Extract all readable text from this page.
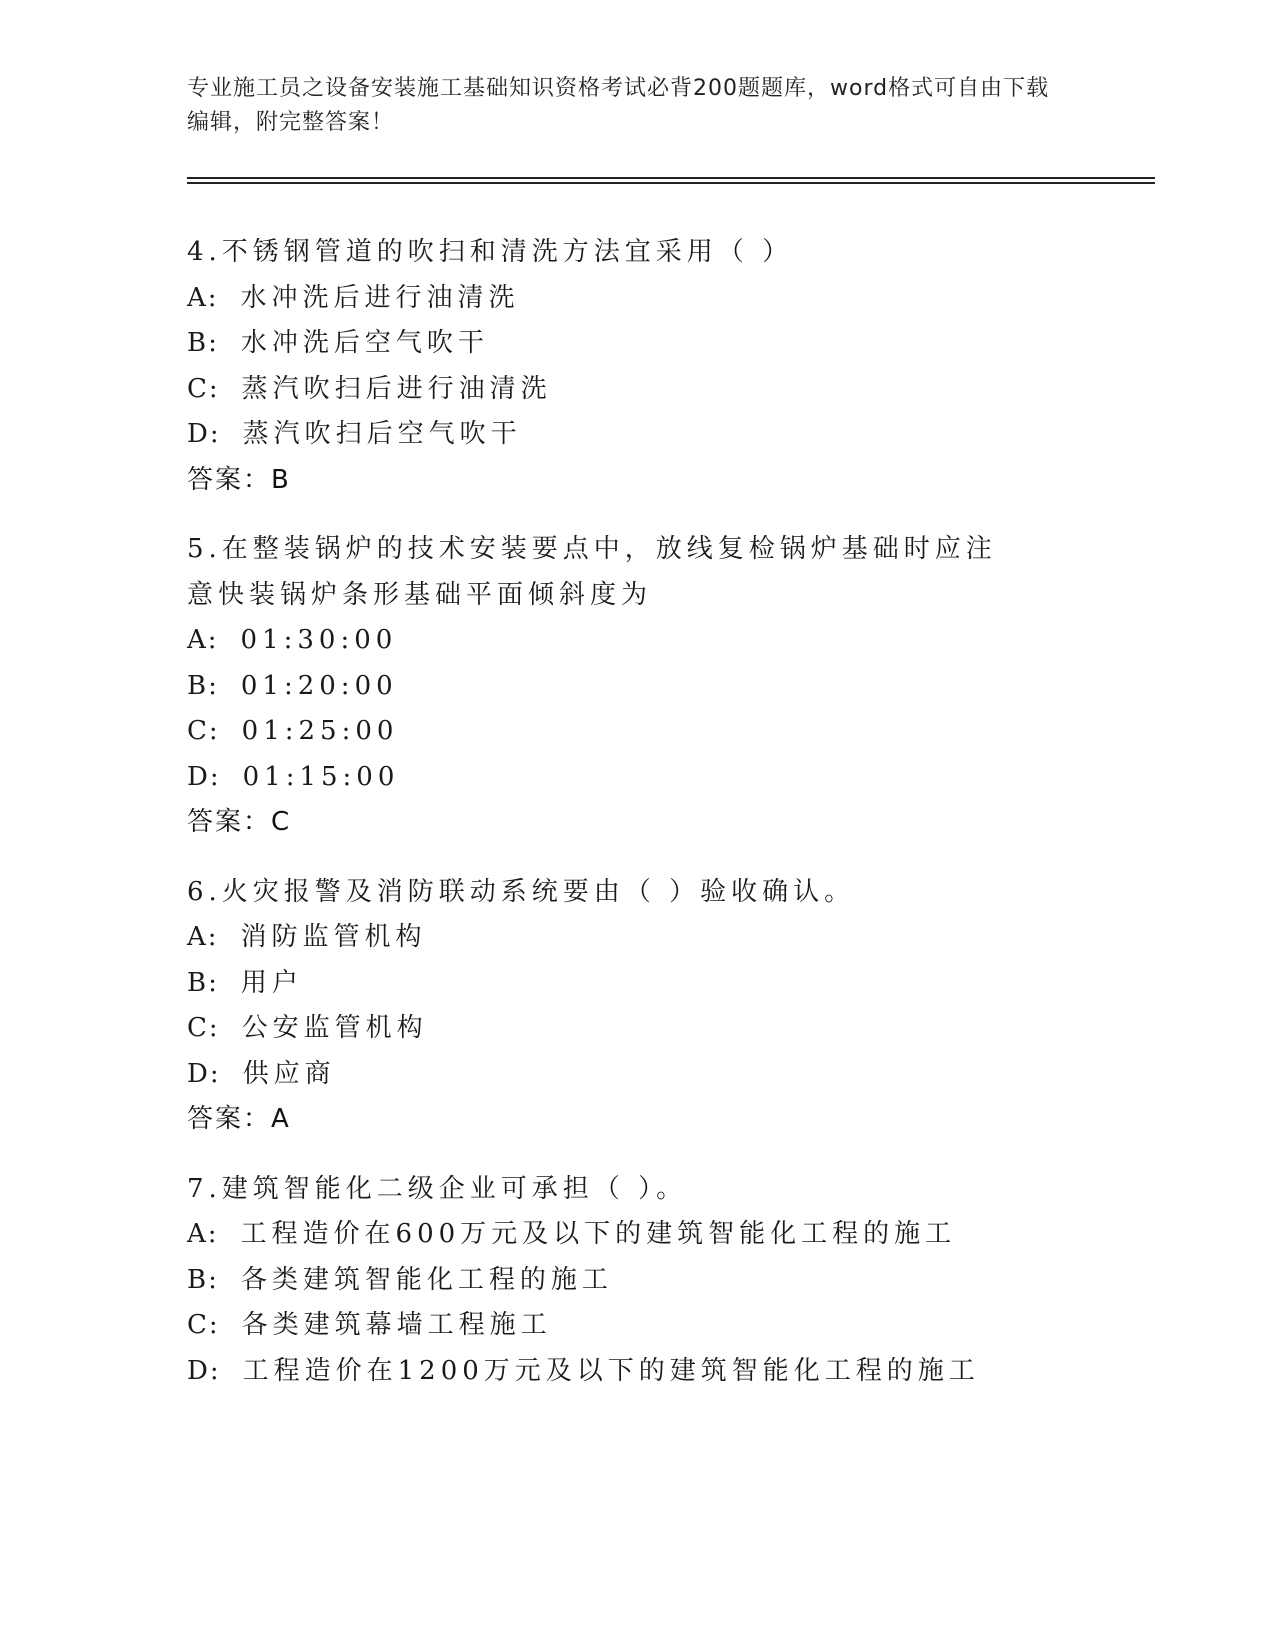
专业施工员之设备安装施工基础知识资格考试必背200题题库，word格式可自由下载编辑，附完整答案！
4.不锈钢管道的吹扫和清洗方法宜采用（ ）
A: 水冲洗后进行油清洗
B: 水冲洗后空气吹干
C: 蒸汽吹扫后进行油清洗
D: 蒸汽吹扫后空气吹干
答案：B
5.在整装锅炉的技术安装要点中，放线复检锅炉基础时应注意快装锅炉条形基础平面倾斜度为
A: 01:30:00
B: 01:20:00
C: 01:25:00
D: 01:15:00
答案：C
6.火灾报警及消防联动系统要由（ ）验收确认。
A: 消防监管机构
B: 用户
C: 公安监管机构
D: 供应商
答案：A
7.建筑智能化二级企业可承担（ ）。
A: 工程造价在600万元及以下的建筑智能化工程的施工
B: 各类建筑智能化工程的施工
C: 各类建筑幕墙工程施工
D: 工程造价在1200万元及以下的建筑智能化工程的施工
